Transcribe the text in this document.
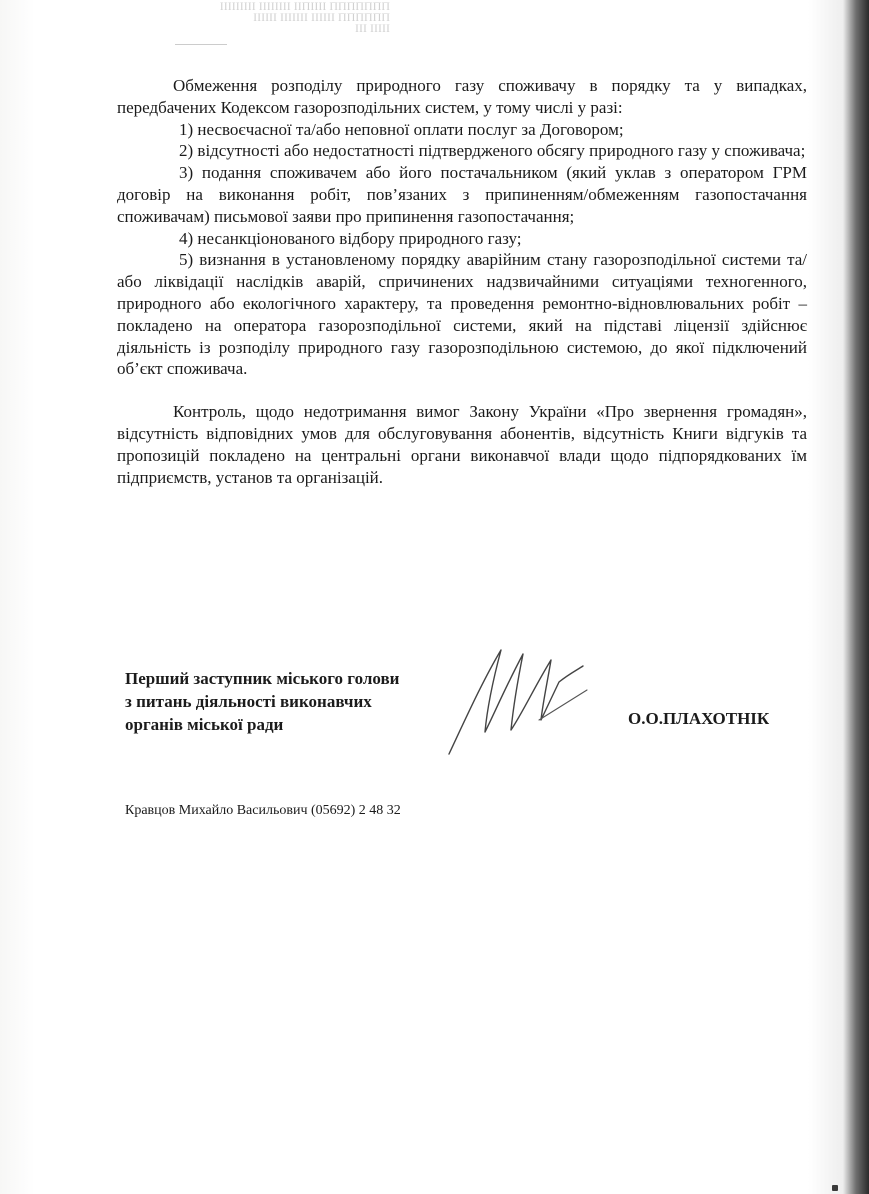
ППППППП ІІІІПІІ ІІІІІІІІ ІІІІІІІІІ
ПППППП ІІІІІІ ІІІІІІІ ІІІІІІ
ІІІІІ ІІІ

Обмеження розподілу природного газу споживачу в порядку та у випадках, передбачених Кодексом газорозподільних систем, у тому числі у разі:

1) несвоєчасної та/або неповної оплати послуг за Договором;

2) відсутності або недостатності підтвердженого обсягу природного газу у споживача;

3) подання споживачем або його постачальником (який уклав з оператором ГРМ договір на виконання робіт, пов’язаних з припиненням/обмеженням газопостачання споживачам) письмової заяви про припинення газопостачання;

4) несанкціонованого відбору природного газу;

5) визнання в установленому порядку аварійним стану газорозподільної системи та/або ліквідації наслідків аварій, спричинених надзвичайними ситуаціями техногенного, природного або екологічного характеру, та проведення ремонтно-відновлювальних робіт – покладено на оператора газорозподільної системи, який на підставі ліцензії здійснює діяльність із розподілу природного газу газорозподільною системою, до якої підключений об’єкт споживача.

Контроль, щодо недотримання вимог Закону України «Про звернення громадян», відсутність відповідних умов для обслуговування абонентів, відсутність Книги відгуків та пропозицій покладено на центральні органи виконавчої влади щодо підпорядкованих їм підприємств, установ та організацій.

Перший заступник міського голови
з питань діяльності виконавчих
органів міської ради	О.О.ПЛАХОТНІК
Кравцов Михайло Васильович (05692) 2 48 32
